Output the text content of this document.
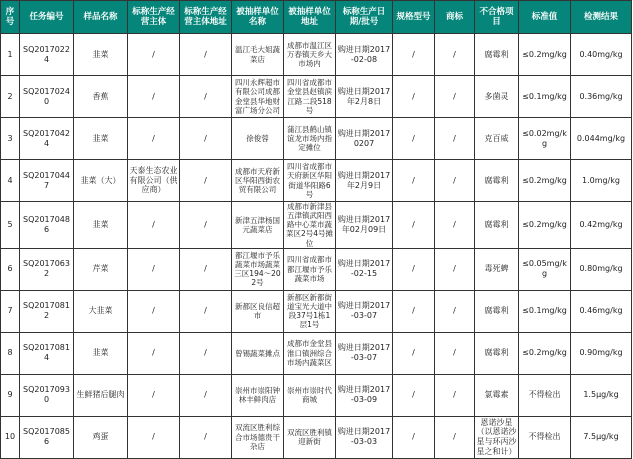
序号	任务编号	样品名称	标称生产经营主体	标称生产经营主体地址	被抽样单位名称	被抽样单位地址	标称生产日期/批号	规格型号	商标	不合格项目	标准值	检测结果
1	SQ20170224	韭菜	/	/	温江毛大姐蔬菜店	成都市温江区万春镇天乡大市场内	购进日期2017-02-08	/	/	腐霉利	≤0.2mg/kg	0.40mg/kg
2	SQ20170240	香蕉	/	/	四川永辉超市有限公司成都金堂县华地财富广场分公司	四川省成都市金堂县赵镇滨江路二段518号	购进日期2017年2月8日	/	/	多菌灵	≤0.1mg/kg	0.36mg/kg
3	SQ20170424	韭菜	/	/	徐俊蓉	蒲江县鹤山镇谊龙市场内指定摊位	购进日期20170207	/	/	克百威	≤0.02mg/kg	0.044mg/kg
4	SQ20170447	韭菜（大）	天泰生态农业有限公司（供应商）	/	成都市天府新区华阳西街农贸有限公司	四川省成都市天府新区华阳街道华阳路6号	购进日期2017年2月9日	/	/	腐霉利	≤0.2mg/kg	1.0mg/kg
5	SQ20170486	韭菜	/	/	新津五津杨国元蔬菜店	成都市新津县五津镇武阳西路中心菜市蔬菜区2号4号摊位	购进日期2017年02月09日	/	/	腐霉利	≤0.2mg/kg	0.42mg/kg
6	SQ20170632	芹菜	/	/	都江堰市予乐蔬菜市场蔬菜三区194～202号	四川省成都市都江堰市予乐蔬菜市场	购进日期2017-02-15	/	/	毒死蜱	≤0.05mg/kg	0.80mg/kg
7	SQ20170812	大韭菜	/	/	新都区良信超市	新都区新都街道宝光大道中段37号1栋1层1号	购进日期2017-03-07	/	/	腐霉利	≤0.1mg/kg	0.46mg/kg
8	SQ20170814	韭菜	/	/	曾锡蔬菜摊点	成都市金堂县淮口镇洲综合市场内蔬菜区	购进日期2017-03-07	/	/	腐霉利	≤0.2mg/kg	0.90mg/kg
9	SQ20170930	生鲜猪后腿肉	/	/	崇州市崇阳钟林丰鲜肉店	崇州市崇时代商城	购进日期2017-03-09	/	/	氯霉素	不得检出	1.5μg/kg
10	SQ20170856	鸡蛋	/	/	双流区胜利综合市场德贵干杂店	双流区胜利镇迎新街	购进日期2017-03-03	/	/	恩诺沙星（以恩诺沙星与环丙沙星之和计）	不得检出	7.5μg/kg
